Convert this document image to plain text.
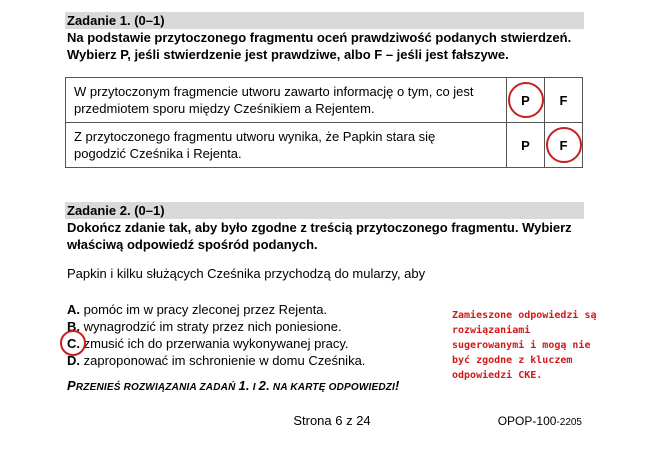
Zadanie 1. (0–1)
Na podstawie przytoczonego fragmentu oceń prawdziwość podanych stwierdzeń.
Wybierz P, jeśli stwierdzenie jest prawdziwe, albo F – jeśli jest fałszywe.
W przytoczonym fragmencie utworu zawarto informację o tym, co jest
przedmiotem sporu między Cześnikiem a Rejentem.	P	F

Z przytoczonego fragmentu utworu wynika, że Papkin stara się
pogodzić Cześnika i Rejenta.	P	F
Zadanie 2. (0–1)
Dokończ zdanie tak, aby było zgodne z treścią przytoczonego fragmentu. Wybierz
właściwą odpowiedź spośród podanych.
Papkin i kilku służących Cześnika przychodzą do mularzy, aby
A. pomóc im w pracy zleconej przez Rejenta.
B. wynagrodzić im straty przez nich poniesione.
C. zmusić ich do przerwania wykonywanej pracy.
D. zaproponować im schronienie w domu Cześnika.
PRZENIEŚ ROZWIĄZANIA ZADAŃ 1. I 2. NA KARTĘ ODPOWIEDZI!
Zamieszone odpowiedzi są
rozwiązaniami
sugerowanymi i mogą nie
być zgodne z kluczem
odpowiedzi CKE.
Strona 6 z 24	OPOP-100-2205
